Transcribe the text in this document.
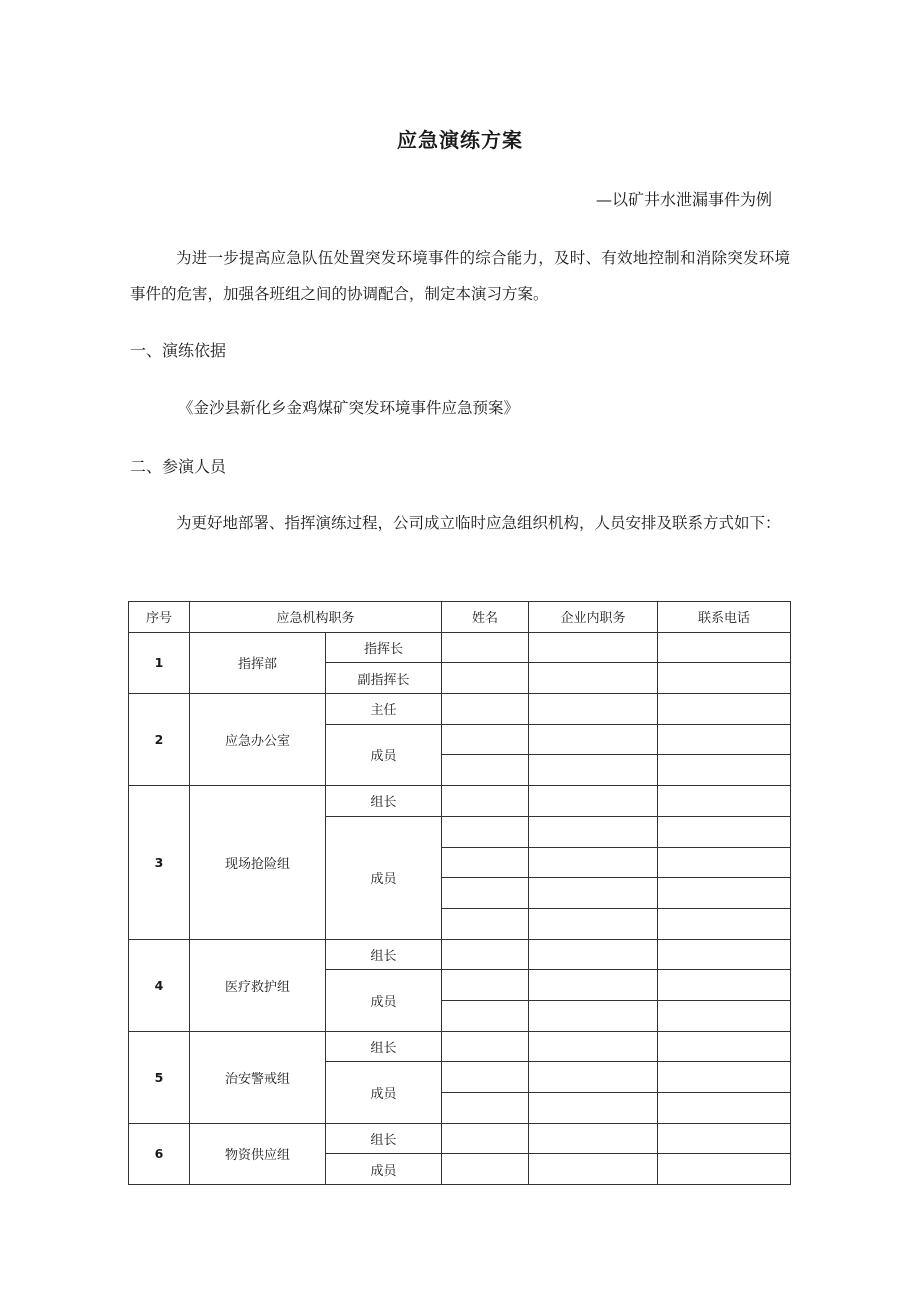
应急演练方案
—以矿井水泄漏事件为例
为进一步提高应急队伍处置突发环境事件的综合能力，及时、有效地控制和消除突发环境事件的危害，加强各班组之间的协调配合，制定本演习方案。
一、演练依据
《金沙县新化乡金鸡煤矿突发环境事件应急预案》
二、参演人员
为更好地部署、指挥演练过程，公司成立临时应急组织机构，人员安排及联系方式如下：
序号	应急机构职务		姓名	企业内职务	联系电话
1	指挥部	指挥长			
		副指挥长			
2	应急办公室	主任			
		成员			

3	现场抢险组	组长			
		成员			

4	医疗救护组	组长			
		成员			

5	治安警戒组	组长			
		成员			

6	物资供应组	组长			
		成员			
